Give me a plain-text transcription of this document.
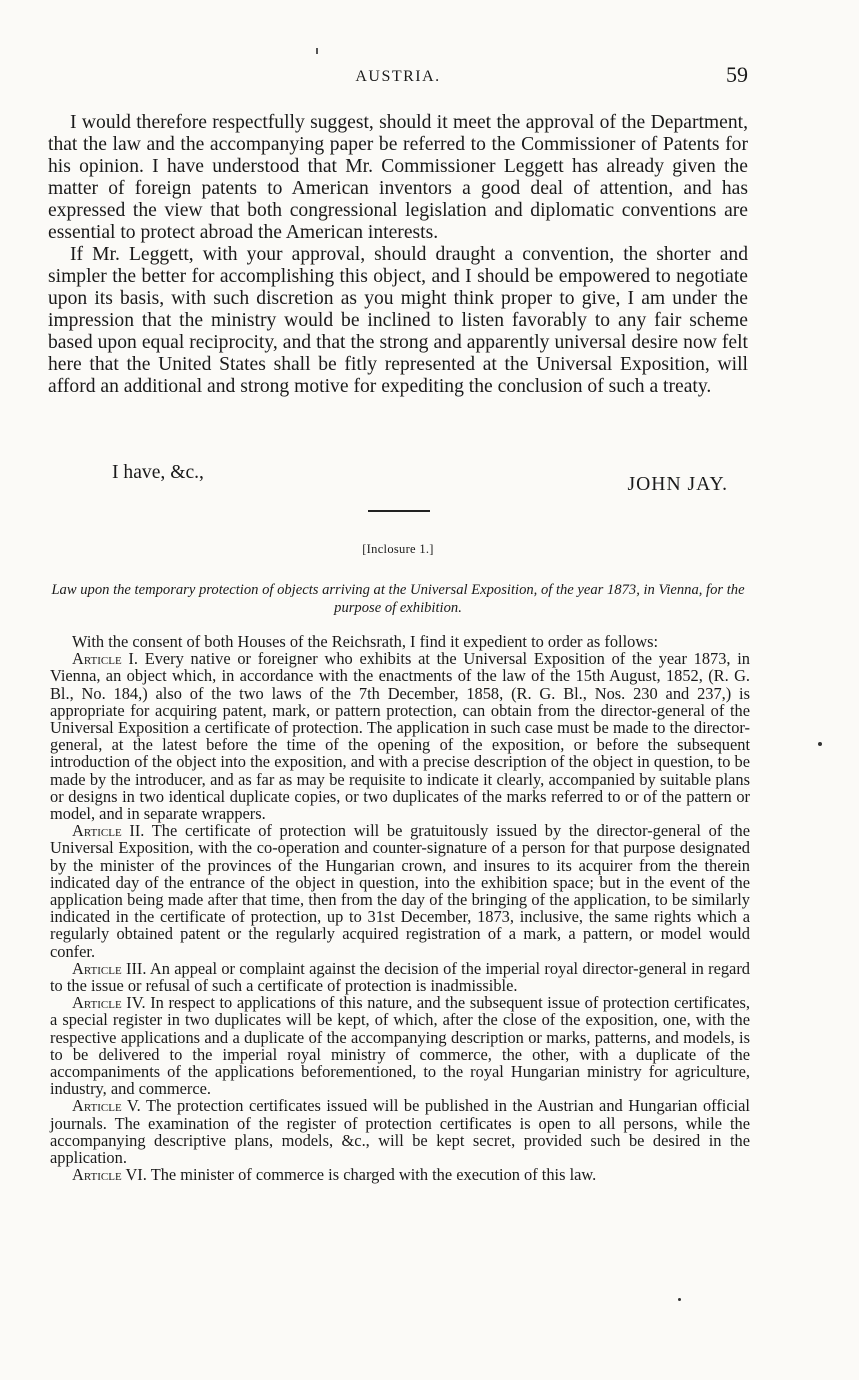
AUSTRIA.	59

I would therefore respectfully suggest, should it meet the approval of the Department, that the law and the accompanying paper be referred to the Commissioner of Patents for his opinion. I have understood that Mr. Commissioner Leggett has already given the matter of foreign patents to American inventors a good deal of attention, and has expressed the view that both congressional legislation and diplomatic conventions are essential to protect abroad the American interests.

If Mr. Leggett, with your approval, should draught a convention, the shorter and simpler the better for accomplishing this object, and I should be empowered to negotiate upon its basis, with such discretion as you might think proper to give, I am under the impression that the ministry would be inclined to listen favorably to any fair scheme based upon equal reciprocity, and that the strong and apparently universal desire now felt here that the United States shall be fitly represented at the Universal Exposition, will afford an additional and strong motive for expediting the conclusion of such a treaty.

I have, &c.,
JOHN JAY.
[Inclosure 1.]
Law upon the temporary protection of objects arriving at the Universal Exposition, of the year 1873, in Vienna, for the purpose of exhibition.

With the consent of both Houses of the Reichsrath, I find it expedient to order as follows:

Article I. Every native or foreigner who exhibits at the Universal Exposition of the year 1873, in Vienna, an object which, in accordance with the enactments of the law of the 15th August, 1852, (R. G. Bl., No. 184,) also of the two laws of the 7th December, 1858, (R. G. Bl., Nos. 230 and 237,) is appropriate for acquiring patent, mark, or pattern protection, can obtain from the director-general of the Universal Exposition a certificate of protection. The application in such case must be made to the director-general, at the latest before the time of the opening of the exposition, or before the subsequent introduction of the object into the exposition, and with a precise description of the object in question, to be made by the introducer, and as far as may be requisite to indicate it clearly, accompanied by suitable plans or designs in two identical duplicate copies, or two duplicates of the marks referred to or of the pattern or model, and in separate wrappers.

Article II. The certificate of protection will be gratuitously issued by the director-general of the Universal Exposition, with the co-operation and counter-signature of a person for that purpose designated by the minister of the provinces of the Hungarian crown, and insures to its acquirer from the therein indicated day of the entrance of the object in question, into the exhibition space; but in the event of the application being made after that time, then from the day of the bringing of the application, to be similarly indicated in the certificate of protection, up to 31st December, 1873, inclusive, the same rights which a regularly obtained patent or the regularly acquired registration of a mark, a pattern, or model would confer.

Article III. An appeal or complaint against the decision of the imperial royal director-general in regard to the issue or refusal of such a certificate of protection is inadmissible.

Article IV. In respect to applications of this nature, and the subsequent issue of protection certificates, a special register in two duplicates will be kept, of which, after the close of the exposition, one, with the respective applications and a duplicate of the accompanying description or marks, patterns, and models, is to be delivered to the imperial royal ministry of commerce, the other, with a duplicate of the accompaniments of the applications beforementioned, to the royal Hungarian ministry for agriculture, industry, and commerce.

Article V. The protection certificates issued will be published in the Austrian and Hungarian official journals. The examination of the register of protection certificates is open to all persons, while the accompanying descriptive plans, models, &c., will be kept secret, provided such be desired in the application.

Article VI. The minister of commerce is charged with the execution of this law.
